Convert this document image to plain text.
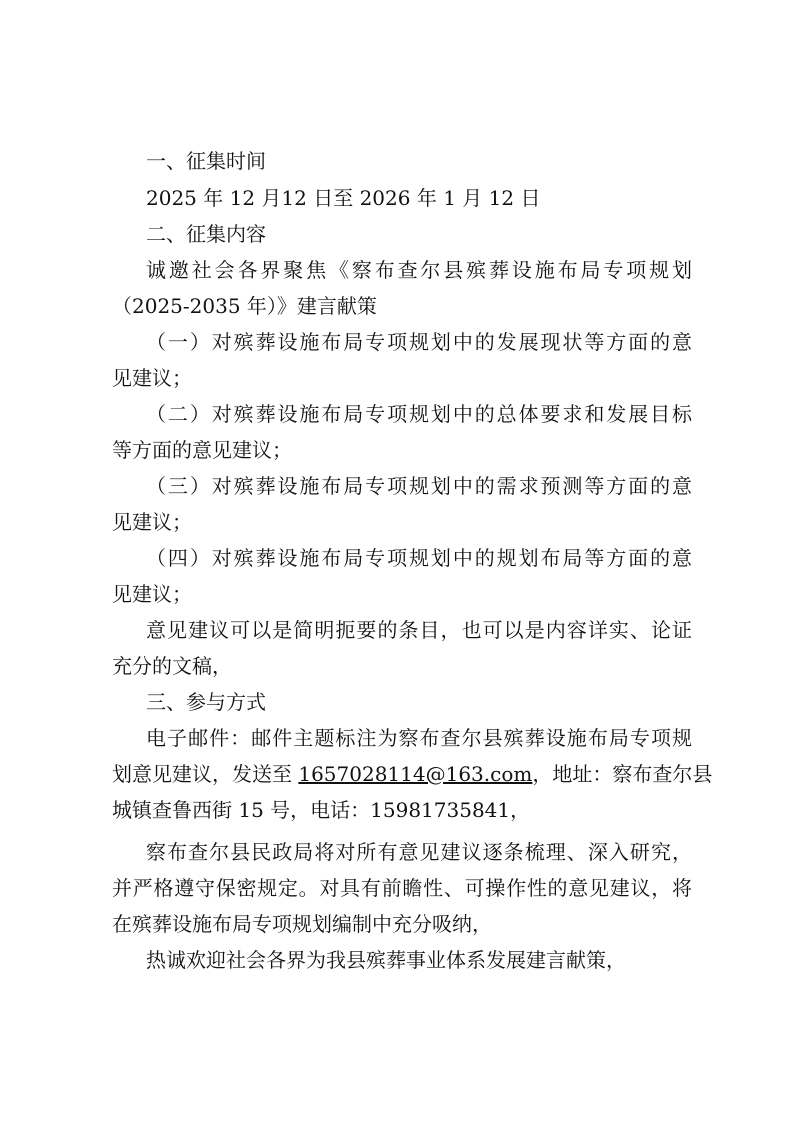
一、征集时间
2025 年 12 月12 日至 2026 年 1 月 12 日
二、征集内容
诚邀社会各界聚焦《察布查尔县殡葬设施布局专项规划
（2025-2035 年）》建言献策
（一）对殡葬设施布局专项规划中的发展现状等方面的意
见建议；
（二）对殡葬设施布局专项规划中的总体要求和发展目标
等方面的意见建议；
（三）对殡葬设施布局专项规划中的需求预测等方面的意
见建议；
（四）对殡葬设施布局专项规划中的规划布局等方面的意
见建议；
意见建议可以是简明扼要的条目，也可以是内容详实、论证
充分的文稿，
三、参与方式
电子邮件：邮件主题标注为察布查尔县殡葬设施布局专项规
划意见建议，发送至 1657028114@163.com，地址：察布查尔县
城镇查鲁西街 15 号，电话：15981735841，
察布查尔县民政局将对所有意见建议逐条梳理、深入研究，
并严格遵守保密规定。对具有前瞻性、可操作性的意见建议，将
在殡葬设施布局专项规划编制中充分吸纳，
热诚欢迎社会各界为我县殡葬事业体系发展建言献策，
